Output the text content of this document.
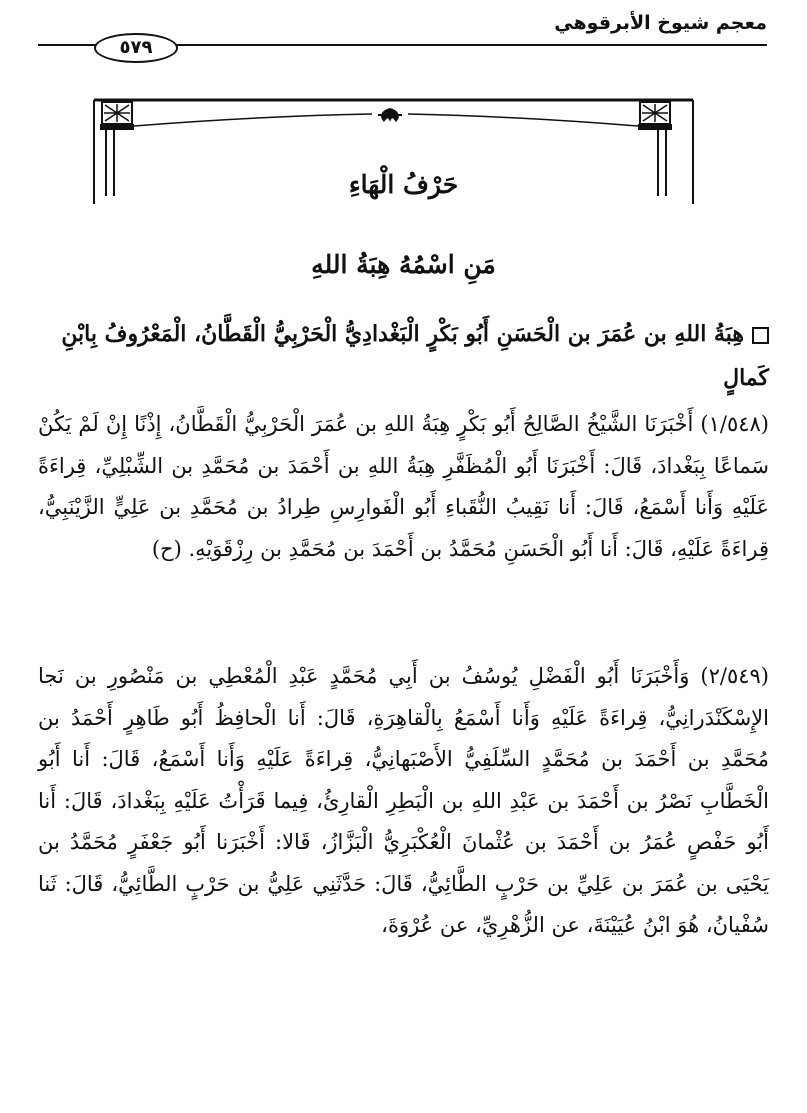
معجم شيوخ الأبرقوهي
٥٧٩
حَرْفُ الْهَاءِ
مَنِ اسْمُهُ هِبَةُ اللهِ
هِبَةُ اللهِ بن عُمَرَ بن الْحَسَنِ أَبُو بَكْرٍ الْبَغْدادِيُّ الْحَرْبِيُّ الْقَطَّانُ، الْمَعْرُوفُ بِابْنِ كَمالٍ
(١/٥٤٨) أَخْبَرَنَا الشَّيْخُ الصَّالِحُ أَبُو بَكْرٍ هِبَةُ اللهِ بن عُمَرَ الْحَرْبِيُّ الْقَطَّانُ، إِذْنًا إِنْ لَمْ يَكُنْ سَماعًا بِبَغْدادَ، قَالَ: أَخْبَرَنَا أَبُو الْمُظَفَّرِ هِبَةُ اللهِ بن أَحْمَدَ بن مُحَمَّدِ بن الشِّبْلِيِّ، قِراءَةً عَلَيْهِ وَأَنا أَسْمَعُ، قَالَ: أَنا نَقِيبُ النُّقَباءِ أَبُو الْفَوارِسِ طِرادُ بن مُحَمَّدِ بن عَلِيٍّ الزَّيْنَبِيُّ، قِراءَةً عَلَيْهِ، قَالَ: أَنا أَبُو الْحَسَنِ مُحَمَّدُ بن أَحْمَدَ بن مُحَمَّدِ بن رِزْقَوَيْهِ. (ح)
(٢/٥٤٩) وَأَخْبَرَنَا أَبُو الْفَضْلِ يُوسُفُ بن أَبِي مُحَمَّدٍ عَبْدِ الْمُعْطِي بن مَنْصُورِ بن نَجا الإِسْكَنْدَرانِيُّ، قِراءَةً عَلَيْهِ وَأَنا أَسْمَعُ بِالْقاهِرَةِ، قَالَ: أَنا الْحافِظُ أَبُو طَاهِرٍ أَحْمَدُ بن مُحَمَّدِ بن أَحْمَدَ بن مُحَمَّدٍ السِّلَفِيُّ الأَصْبَهانِيُّ، قِراءَةً عَلَيْهِ وَأَنا أَسْمَعُ، قَالَ: أَنا أَبُو الْخَطَّابِ نَصْرُ بن أَحْمَدَ بن عَبْدِ اللهِ بن الْبَطِرِ الْقارِئُ، فِيما قَرَأْتُ عَلَيْهِ بِبَغْدادَ، قَالَ: أَنا أَبُو حَفْصٍ عُمَرُ بن أَحْمَدَ بن عُثْمانَ الْعُكْبَرِيُّ الْبَزَّازُ، قَالا: أَخْبَرَنا أَبُو جَعْفَرٍ مُحَمَّدُ بن يَحْيَى بن عُمَرَ بن عَلِيِّ بن حَرْبٍ الطَّائِيُّ، قَالَ: حَدَّثَنِي عَلِيُّ بن حَرْبٍ الطَّائِيُّ، قَالَ: ثَنا سُفْيانُ، هُوَ ابْنُ عُيَيْنَةَ، عن الزُّهْرِيِّ، عن عُرْوَةَ،
